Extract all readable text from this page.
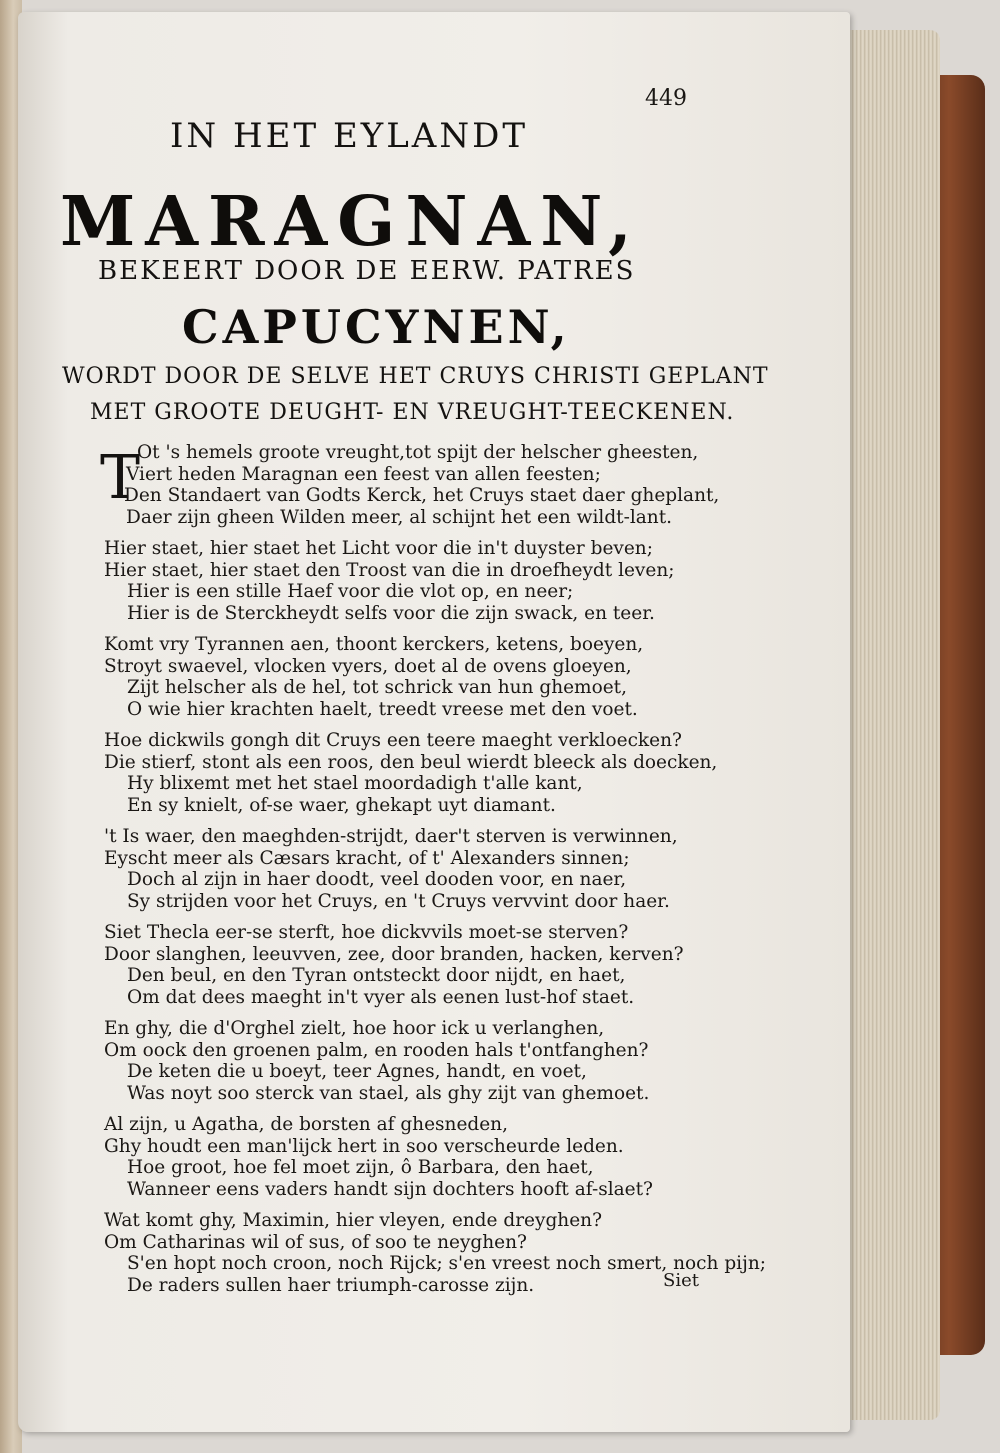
449
IN HET EYLANDT
MARAGNAN,
BEKEERT DOOR DE EERW. PATRES
CAPUCYNEN,
WORDT DOOR DE SELVE HET CRUYS CHRISTI GEPLANT
MET GROOTE DEUGHT- EN VREUGHT-TEECKENEN.
T
Ot 's hemels groote vreught,tot spijt der helscher gheesten,
Viert heden Maragnan een feest van allen feesten;
Den Standaert van Godts Kerck, het Cruys staet daer gheplant,
Daer zijn gheen Wilden meer, al schijnt het een wildt-lant.
Hier staet, hier staet het Licht voor die in't duyster beven;
Hier staet, hier staet den Troost van die in droefheydt leven;
Hier is een stille Haef voor die vlot op, en neer;
Hier is de Sterckheydt selfs voor die zijn swack, en teer.
Komt vry Tyrannen aen, thoont kerckers, ketens, boeyen,
Stroyt swaevel, vlocken vyers, doet al de ovens gloeyen,
Zijt helscher als de hel, tot schrick van hun ghemoet,
O wie hier krachten haelt, treedt vreese met den voet.
Hoe dickwils gongh dit Cruys een teere maeght verkloecken?
Die stierf, stont als een roos, den beul wierdt bleeck als doecken,
Hy blixemt met het stael moordadigh t'alle kant,
En sy knielt, of-se waer, ghekapt uyt diamant.
't Is waer, den maeghden-strijdt, daer't sterven is verwinnen,
Eyscht meer als Cæsars kracht, of t' Alexanders sinnen;
Doch al zijn in haer doodt, veel dooden voor, en naer,
Sy strijden voor het Cruys, en 't Cruys vervvint door haer.
Siet Thecla eer-se sterft, hoe dickvvils moet-se sterven?
Door slanghen, leeuvven, zee, door branden, hacken, kerven?
Den beul, en den Tyran ontsteckt door nijdt, en haet,
Om dat dees maeght in't vyer als eenen lust-hof staet.
En ghy, die d'Orghel zielt, hoe hoor ick u verlanghen,
Om oock den groenen palm, en rooden hals t'ontfanghen?
De keten die u boeyt, teer Agnes, handt, en voet,
Was noyt soo sterck van stael, als ghy zijt van ghemoet.
Al zijn, u Agatha, de borsten af ghesneden,
Ghy houdt een man'lijck hert in soo verscheurde leden.
Hoe groot, hoe fel moet zijn, ô Barbara, den haet,
Wanneer eens vaders handt sijn dochters hooft af-slaet?
Wat komt ghy, Maximin, hier vleyen, ende dreyghen?
Om Catharinas wil of sus, of soo te neyghen?
S'en hopt noch croon, noch Rijck; s'en vreest noch smert, noch pijn;
De raders sullen haer triumph-carosse zijn.	Siet
